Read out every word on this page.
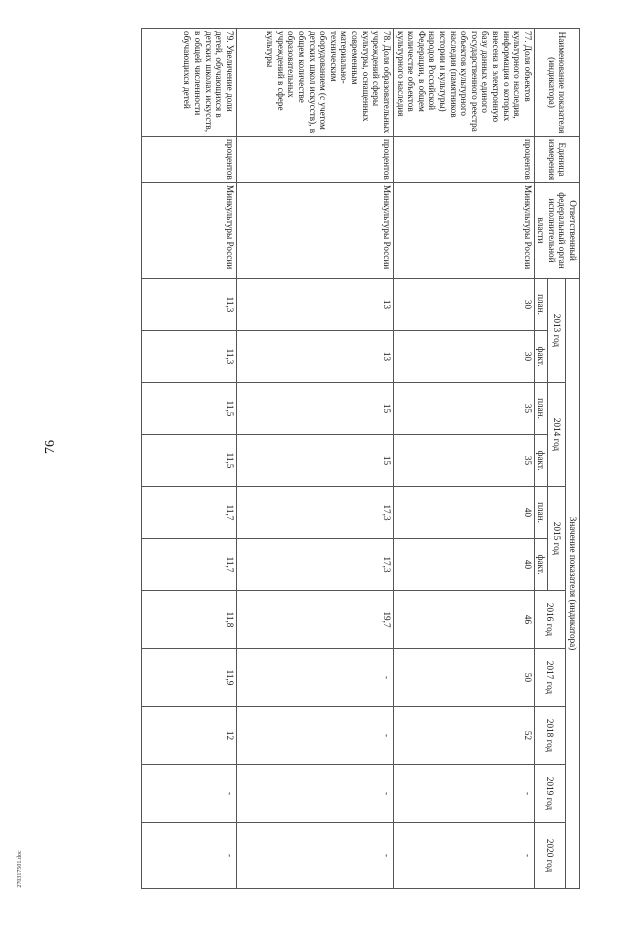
76
270317501.doc
Наименование показателя (индикатора)	Единица измерения	Ответственный федеральный орган исполнительной власти	Значение показателя (индикатора)										
			2013 год		2014 год		2015 год		2016 год	2017 год	2018 год	2019 год	2020 год
			план.	факт.	план.	факт.	план.	факт.					
77. Доля объектов культурного наследия, информация о которых внесена в электронную базу данных единого государственного реестра объектов культурного наследия (памятников истории и культуры) народов Российской Федерации, в общем количестве объектов культурного наследия	процентов	Минкультуры России	30	30	35	35	40	40	46	50	52	-	-
78. Доля образовательных учреждений сферы культуры, оснащенных современным материально-техническим оборудованием (с учетом детских школ искусств), в общем количестве образовательных учреждений в сфере культуры	процентов	Минкультуры России	13	13	15	15	17,3	17,3	19,7	-	-	-	-
79. Увеличение доли детей, обучающихся в детских школах искусств, в общей численности обучающихся детей	процентов	Минкультуры России	11,3	11,3	11,5	11,5	11,7	11,7	11,8	11,9	12	-	-
